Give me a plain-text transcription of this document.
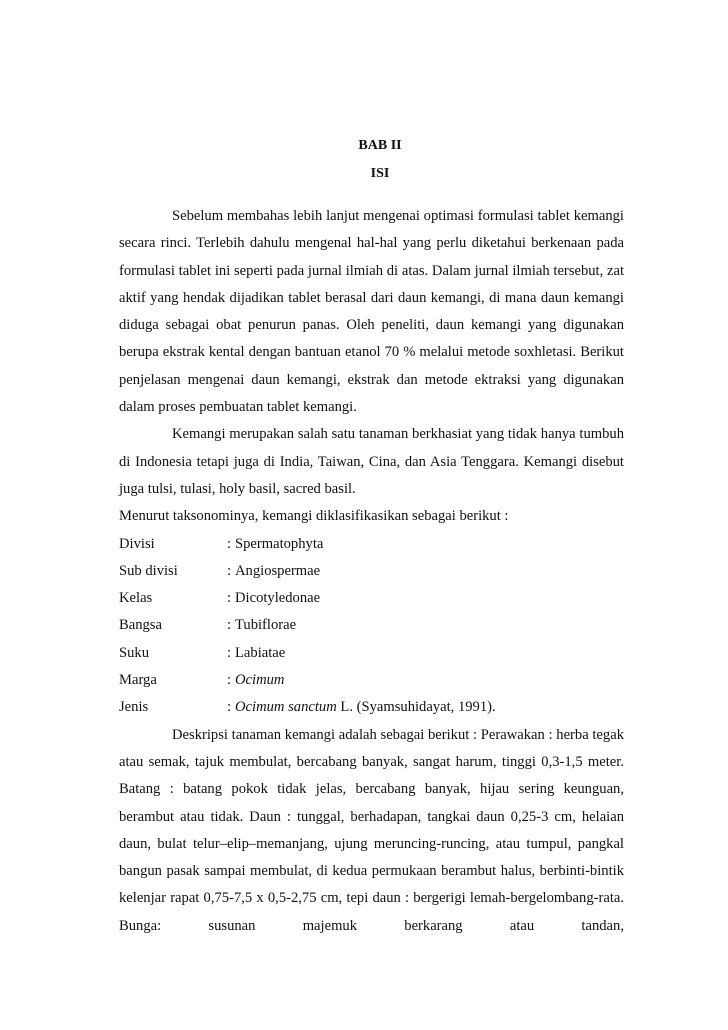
BAB II
ISI

Sebelum membahas lebih lanjut mengenai optimasi formulasi tablet kemangi secara rinci. Terlebih dahulu mengenal hal-hal yang perlu diketahui berkenaan pada formulasi tablet ini seperti pada jurnal ilmiah di atas. Dalam jurnal ilmiah tersebut, zat aktif yang hendak dijadikan tablet berasal dari daun kemangi, di mana daun kemangi diduga sebagai obat penurun panas. Oleh peneliti, daun kemangi yang digunakan berupa ekstrak kental dengan bantuan etanol 70 % melalui metode soxhletasi. Berikut penjelasan mengenai daun kemangi, ekstrak dan metode ektraksi yang digunakan dalam proses pembuatan tablet kemangi.

Kemangi merupakan salah satu tanaman berkhasiat yang tidak hanya tumbuh di Indonesia tetapi juga di India, Taiwan, Cina, dan Asia Tenggara. Kemangi disebut juga tulsi, tulasi, holy basil, sacred basil.

Menurut taksonominya, kemangi diklasifikasikan sebagai berikut :

Divisi	: Spermatophyta
Sub divisi	: Angiospermae
Kelas	: Dicotyledonae
Bangsa	: Tubiflorae
Suku	: Labiatae
Marga	: Ocimum
Jenis	: Ocimum sanctum L. (Syamsuhidayat, 1991).

Deskripsi tanaman kemangi adalah sebagai berikut : Perawakan : herba tegak atau semak, tajuk membulat, bercabang banyak, sangat harum, tinggi 0,3-1,5 meter. Batang : batang pokok tidak jelas, bercabang banyak, hijau sering keunguan, berambut atau tidak. Daun : tunggal, berhadapan, tangkai daun 0,25-3 cm, helaian daun, bulat telur–elip–memanjang, ujung meruncing-runcing, atau tumpul, pangkal bangun pasak sampai membulat, di kedua permukaan berambut halus, berbinti-bintik kelenjar rapat 0,75-7,5 x 0,5-2,75 cm, tepi daun : bergerigi lemah-bergelombang-rata. Bunga: susunan majemuk berkarang atau tandan,
